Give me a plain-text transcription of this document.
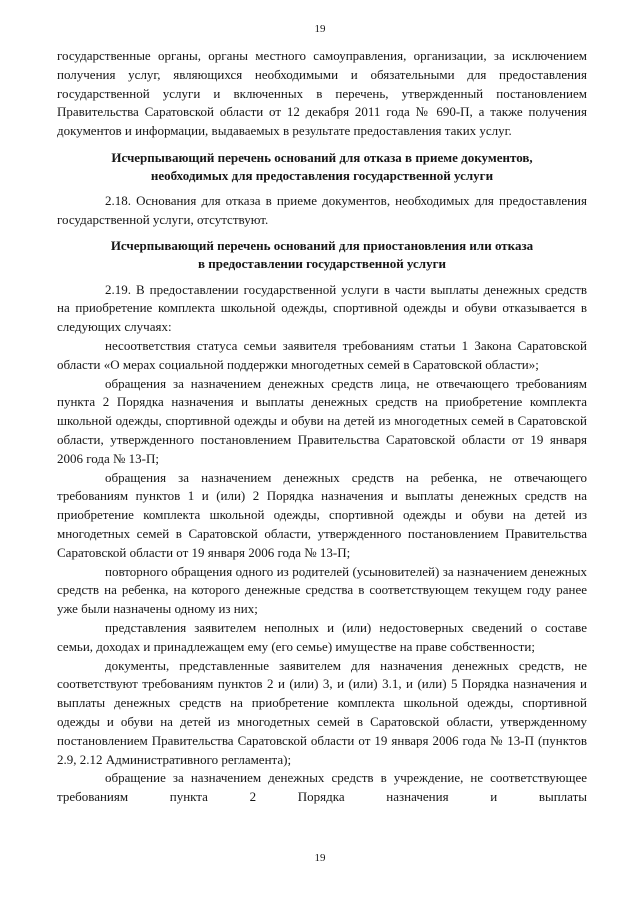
19

государственные органы, органы местного самоуправления, организации, за исключением получения услуг, являющихся необходимыми и обязательными для предоставления государственной услуги и включенных в перечень, утвержденный постановлением Правительства Саратовской области от 12 декабря 2011 года № 690-П, а также получения документов и информации, выдаваемых в результате предоставления таких услуг.

Исчерпывающий перечень оснований для отказа в приеме документов,
необходимых для предоставления государственной услуги

2.18. Основания для отказа в приеме документов, необходимых для предоставления государственной услуги, отсутствуют.

Исчерпывающий перечень оснований для приостановления или отказа
в предоставлении государственной услуги

2.19. В предоставлении государственной услуги в части выплаты денежных средств на приобретение комплекта школьной одежды, спортивной одежды и обуви отказывается в следующих случаях:

несоответствия статуса семьи заявителя требованиям статьи 1 Закона Саратовской области «О мерах социальной поддержки многодетных семей в Саратовской области»;

обращения за назначением денежных средств лица, не отвечающего требованиям пункта 2 Порядка назначения и выплаты денежных средств на приобретение комплекта школьной одежды, спортивной одежды и обуви на детей из многодетных семей в Саратовской области, утвержденного постановлением Правительства Саратовской области от 19 января 2006 года № 13-П;

обращения за назначением денежных средств на ребенка, не отвечающего требованиям пунктов 1 и (или) 2 Порядка назначения и выплаты денежных средств на приобретение комплекта школьной одежды, спортивной одежды и обуви на детей из многодетных семей в Саратовской области, утвержденного постановлением Правительства Саратовской области от 19 января 2006 года № 13-П;

повторного обращения одного из родителей (усыновителей) за назначением денежных средств на ребенка, на которого денежные средства в соответствующем текущем году ранее уже были назначены одному из них;

представления заявителем неполных и (или) недостоверных сведений о составе семьи, доходах и принадлежащем ему (его семье) имуществе на праве собственности;

документы, представленные заявителем для назначения денежных средств, не соответствуют требованиям пунктов 2 и (или) 3, и (или) 3.1, и (или) 5 Порядка назначения и выплаты денежных средств на приобретение комплекта школьной одежды, спортивной одежды и обуви на детей из многодетных семей в Саратовской области, утвержденному постановлением Правительства Саратовской области от 19 января 2006 года № 13-П (пунктов 2.9, 2.12 Административного регламента);

обращение за назначением денежных средств в учреждение, не соответствующее требованиям пункта 2 Порядка назначения и выплаты

19
